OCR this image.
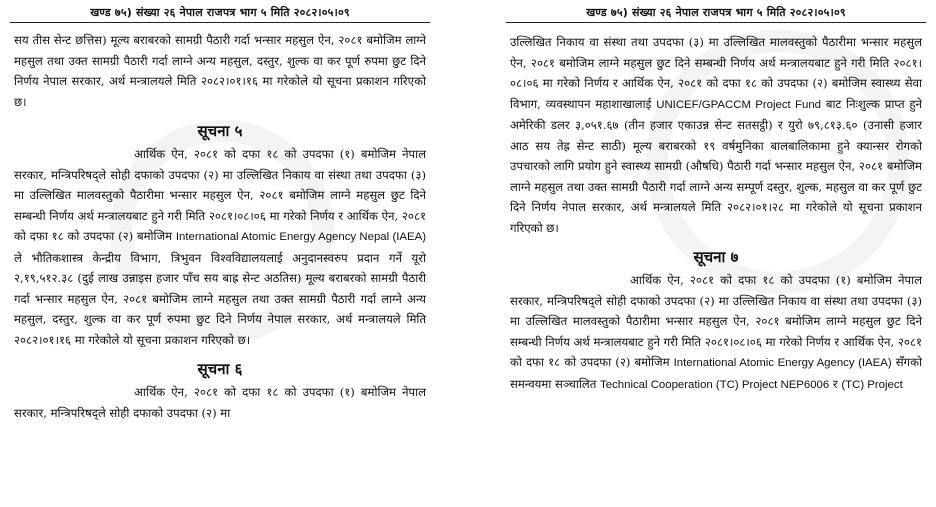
खण्ड ७५) संख्या २६ नेपाल राजपत्र भाग ५ मिति २०८२।०५।०९

सय तीस सेन्ट छत्तिस) मूल्य बराबरको सामग्री पैठारी गर्दा भन्सार महसुल ऐन, २०८१ बमोजिम लाग्ने महसुल तथा उक्त सामग्री पैठारी गर्दा लाग्ने अन्य महसुल, दस्तुर, शुल्क वा कर पूर्ण रुपमा छुट दिने निर्णय नेपाल सरकार, अर्थ मन्त्रालयले मिति २०८२।०१।१६ मा गरेकोले यो सूचना प्रकाशन गरिएको छ।

सूचना ५

आर्थिक ऐन, २०८१ को दफा १८ को उपदफा (१) बमोजिम नेपाल सरकार, मन्त्रिपरिषद्ले सोही दफाको उपदफा (२) मा उल्लिखित निकाय वा संस्था तथा उपदफा (३) मा उल्लिखित मालवस्तुको पैठारीमा भन्सार महसुल ऐन, २०८१ बमोजिम लाग्ने महसुल छुट दिने सम्बन्धी निर्णय अर्थ मन्त्रालयबाट हुने गरी मिति २०८१।०८।०६ मा गरेको निर्णय र आर्थिक ऐन, २०८१ को दफा १८ को उपदफा (२) बमोजिम International Atomic Energy Agency Nepal (IAEA) ले भौतिकशास्त्र केन्द्रीय विभाग, त्रिभुवन विश्वविद्यालयलाई अनुदानस्वरुप प्रदान गर्ने यूरो २,१९,५१२.३८ (दुई लाख उन्नाइस हजार पाँच सय बाह्र सेन्ट अठतिस) मूल्य बराबरको सामग्री पैठारी गर्दा भन्सार महसुल ऐन, २०८१ बमोजिम लाग्ने महसुल तथा उक्त सामग्री पैठारी गर्दा लाग्ने अन्य महसुल, दस्तुर, शुल्क वा कर पूर्ण रुपमा छुट दिने निर्णय नेपाल सरकार, अर्थ मन्त्रालयले मिति २०८२।०१।१६ मा गरेकोले यो सूचना प्रकाशन गरिएको छ।

सूचना ६

आर्थिक ऐन, २०८१ को दफा १८ को उपदफा (१) बमोजिम नेपाल सरकार, मन्त्रिपरिषद्ले सोही दफाको उपदफा (२) मा

खण्ड ७५) संख्या २६ नेपाल राजपत्र भाग ५ मिति २०८२।०५।०९

उल्लिखित निकाय वा संस्था तथा उपदफा (३) मा उल्लिखित मालवस्तुको पैठारीमा भन्सार महसुल ऐन, २०८१ बमोजिम लाग्ने महसुल छुट दिने सम्बन्धी निर्णय अर्थ मन्त्रालयबाट हुने गरी मिति २०८१।०८।०६ मा गरेको निर्णय र आर्थिक ऐन, २०८१ को दफा १८ को उपदफा (२) बमोजिम स्वास्थ्य सेवा विभाग, व्यवस्थापन महाशाखालाई UNICEF/GPACCM Project Fund बाट निःशुल्क प्राप्त हुने अमेरिकी डलर ३,०५१.६७ (तीन हजार एकाउन्न सेन्ट सतसट्ठी) र युरो ७९,८१३.६० (उनासी हजार आठ सय तेह्र सेन्ट साठी) मूल्य बराबरको १९ वर्षमुनिका बालबालिकामा हुने क्यान्सर रोगको उपचारको लागि प्रयोग हुने स्वास्थ्य सामग्री (औषधि) पैठारी गर्दा भन्सार महसुल ऐन, २०८१ बमोजिम लाग्ने महसुल तथा उक्त सामग्री पैठारी गर्दा लाग्ने अन्य सम्पूर्ण दस्तुर, शुल्क, महसुल वा कर पूर्ण छुट दिने निर्णय नेपाल सरकार, अर्थ मन्त्रालयले मिति २०८२।०१।२८ मा गरेकोले यो सूचना प्रकाशन गरिएको छ।

सूचना ७

आर्थिक ऐन, २०८१ को दफा १८ को उपदफा (१) बमोजिम नेपाल सरकार, मन्त्रिपरिषद्ले सोही दफाको उपदफा (२) मा उल्लिखित निकाय वा संस्था तथा उपदफा (३) मा उल्लिखित मालवस्तुको पैठारीमा भन्सार महसुल ऐन, २०८१ बमोजिम लाग्ने महसुल छुट दिने सम्बन्धी निर्णय अर्थ मन्त्रालयबाट हुने गरी मिति २०८१।०८।०६ मा गरेको निर्णय र आर्थिक ऐन, २०८१ को दफा १८ को उपदफा (२) बमोजिम International Atomic Energy Agency (IAEA) सँगको समन्वयमा सञ्चालित Technical Cooperation (TC) Project NEP6006 र (TC) Project
